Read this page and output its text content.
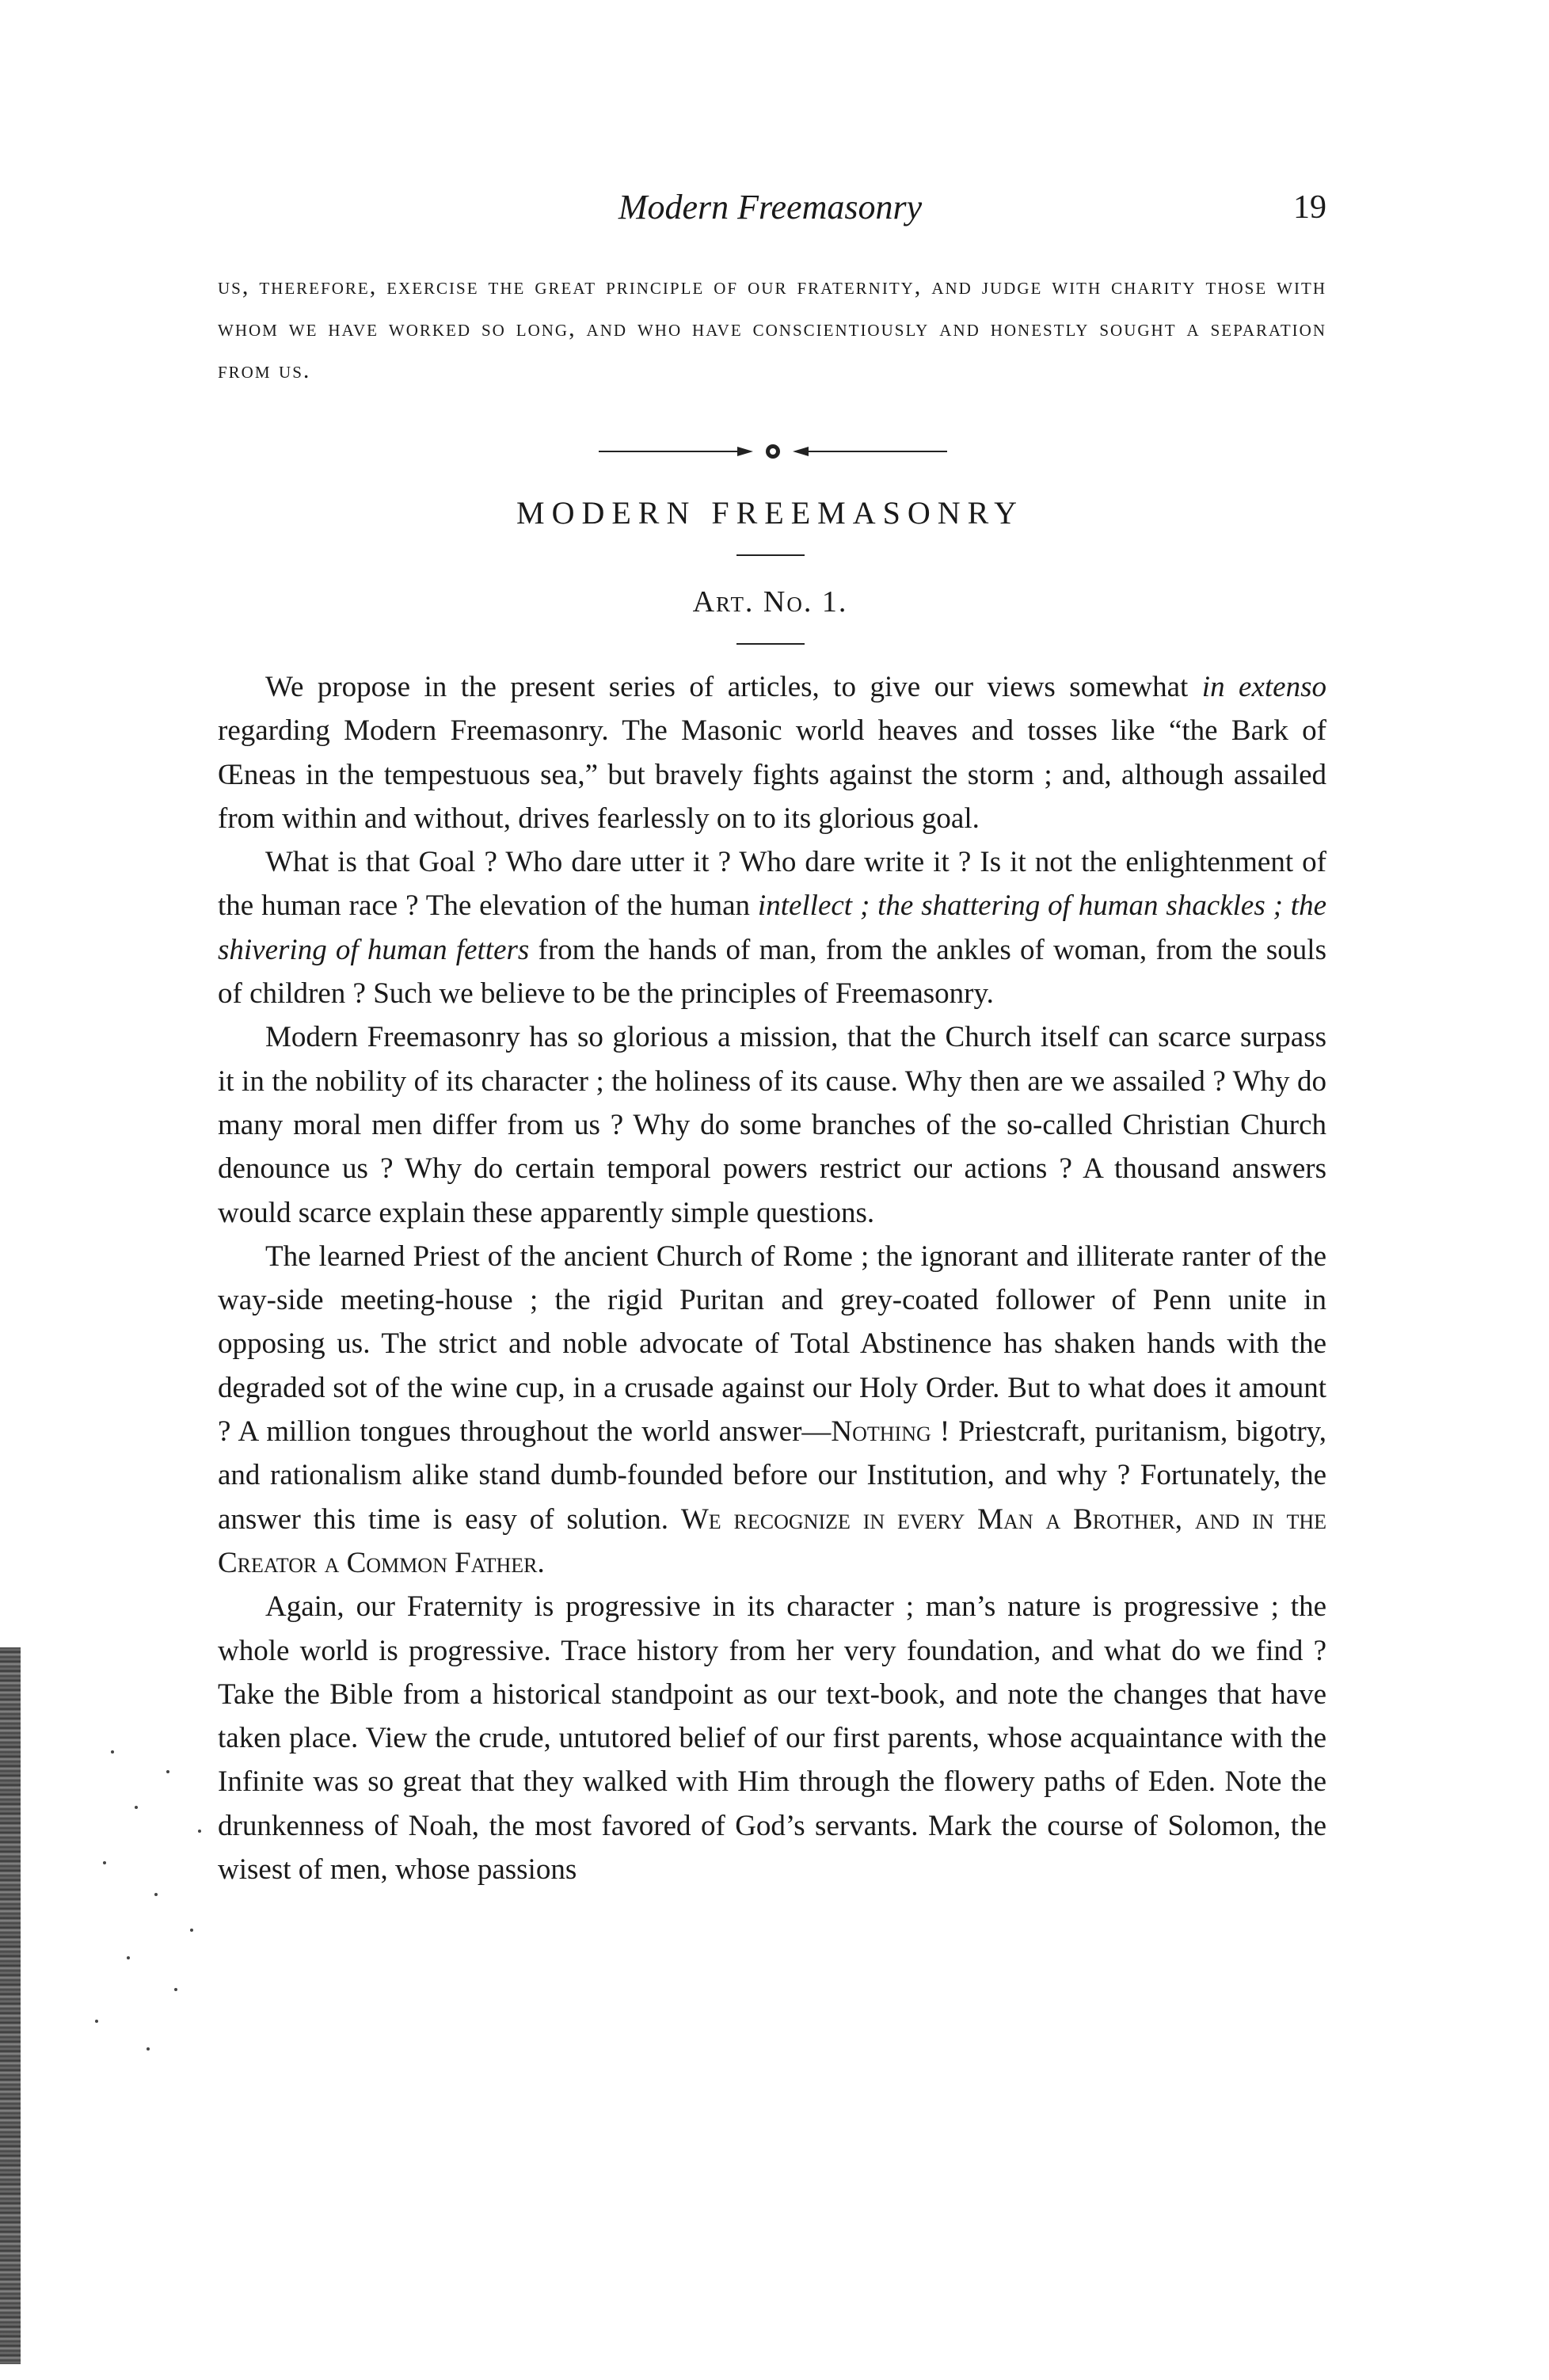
Modern Freemasonry	19
us, therefore, exercise the great principle of our fraternity, and judge with charity those with whom we have worked so long, and who have conscientiously and honestly sought a separation from us.
MODERN FREEMASONRY
Art. No. 1.

We propose in the present series of articles, to give our views somewhat in extenso regarding Modern Freemasonry. The Masonic world heaves and tosses like “the Bark of Œneas in the tempestuous sea,” but bravely fights against the storm ; and, although assailed from within and without, drives fearlessly on to its glorious goal.

What is that Goal ? Who dare utter it ? Who dare write it ? Is it not the enlightenment of the human race ? The elevation of the human intellect ; the shattering of human shackles ; the shivering of human fetters from the hands of man, from the ankles of woman, from the souls of children ? Such we believe to be the principles of Freemasonry.

Modern Freemasonry has so glorious a mission, that the Church itself can scarce surpass it in the nobility of its character ; the holiness of its cause. Why then are we assailed ? Why do many moral men differ from us ? Why do some branches of the so-called Christian Church denounce us ? Why do certain temporal powers restrict our actions ? A thousand answers would scarce explain these apparently simple questions.

The learned Priest of the ancient Church of Rome ; the ignorant and illiterate ranter of the way-side meeting-house ; the rigid Puritan and grey-coated follower of Penn unite in opposing us. The strict and noble advocate of Total Abstinence has shaken hands with the degraded sot of the wine cup, in a crusade against our Holy Order. But to what does it amount ? A million tongues throughout the world answer—Nothing ! Priestcraft, puritanism, bigotry, and rationalism alike stand dumb-founded before our Institution, and why ? Fortunately, the answer this time is easy of solution. We recognize in every Man a Brother, and in the Creator a Common Father.

Again, our Fraternity is progressive in its character ; man’s nature is progressive ; the whole world is progressive. Trace history from her very foundation, and what do we find ? Take the Bible from a historical standpoint as our text-book, and note the changes that have taken place. View the crude, untutored belief of our first parents, whose acquaintance with the Infinite was so great that they walked with Him through the flowery paths of Eden. Note the drunkenness of Noah, the most favored of God’s servants. Mark the course of Solomon, the wisest of men, whose passions
